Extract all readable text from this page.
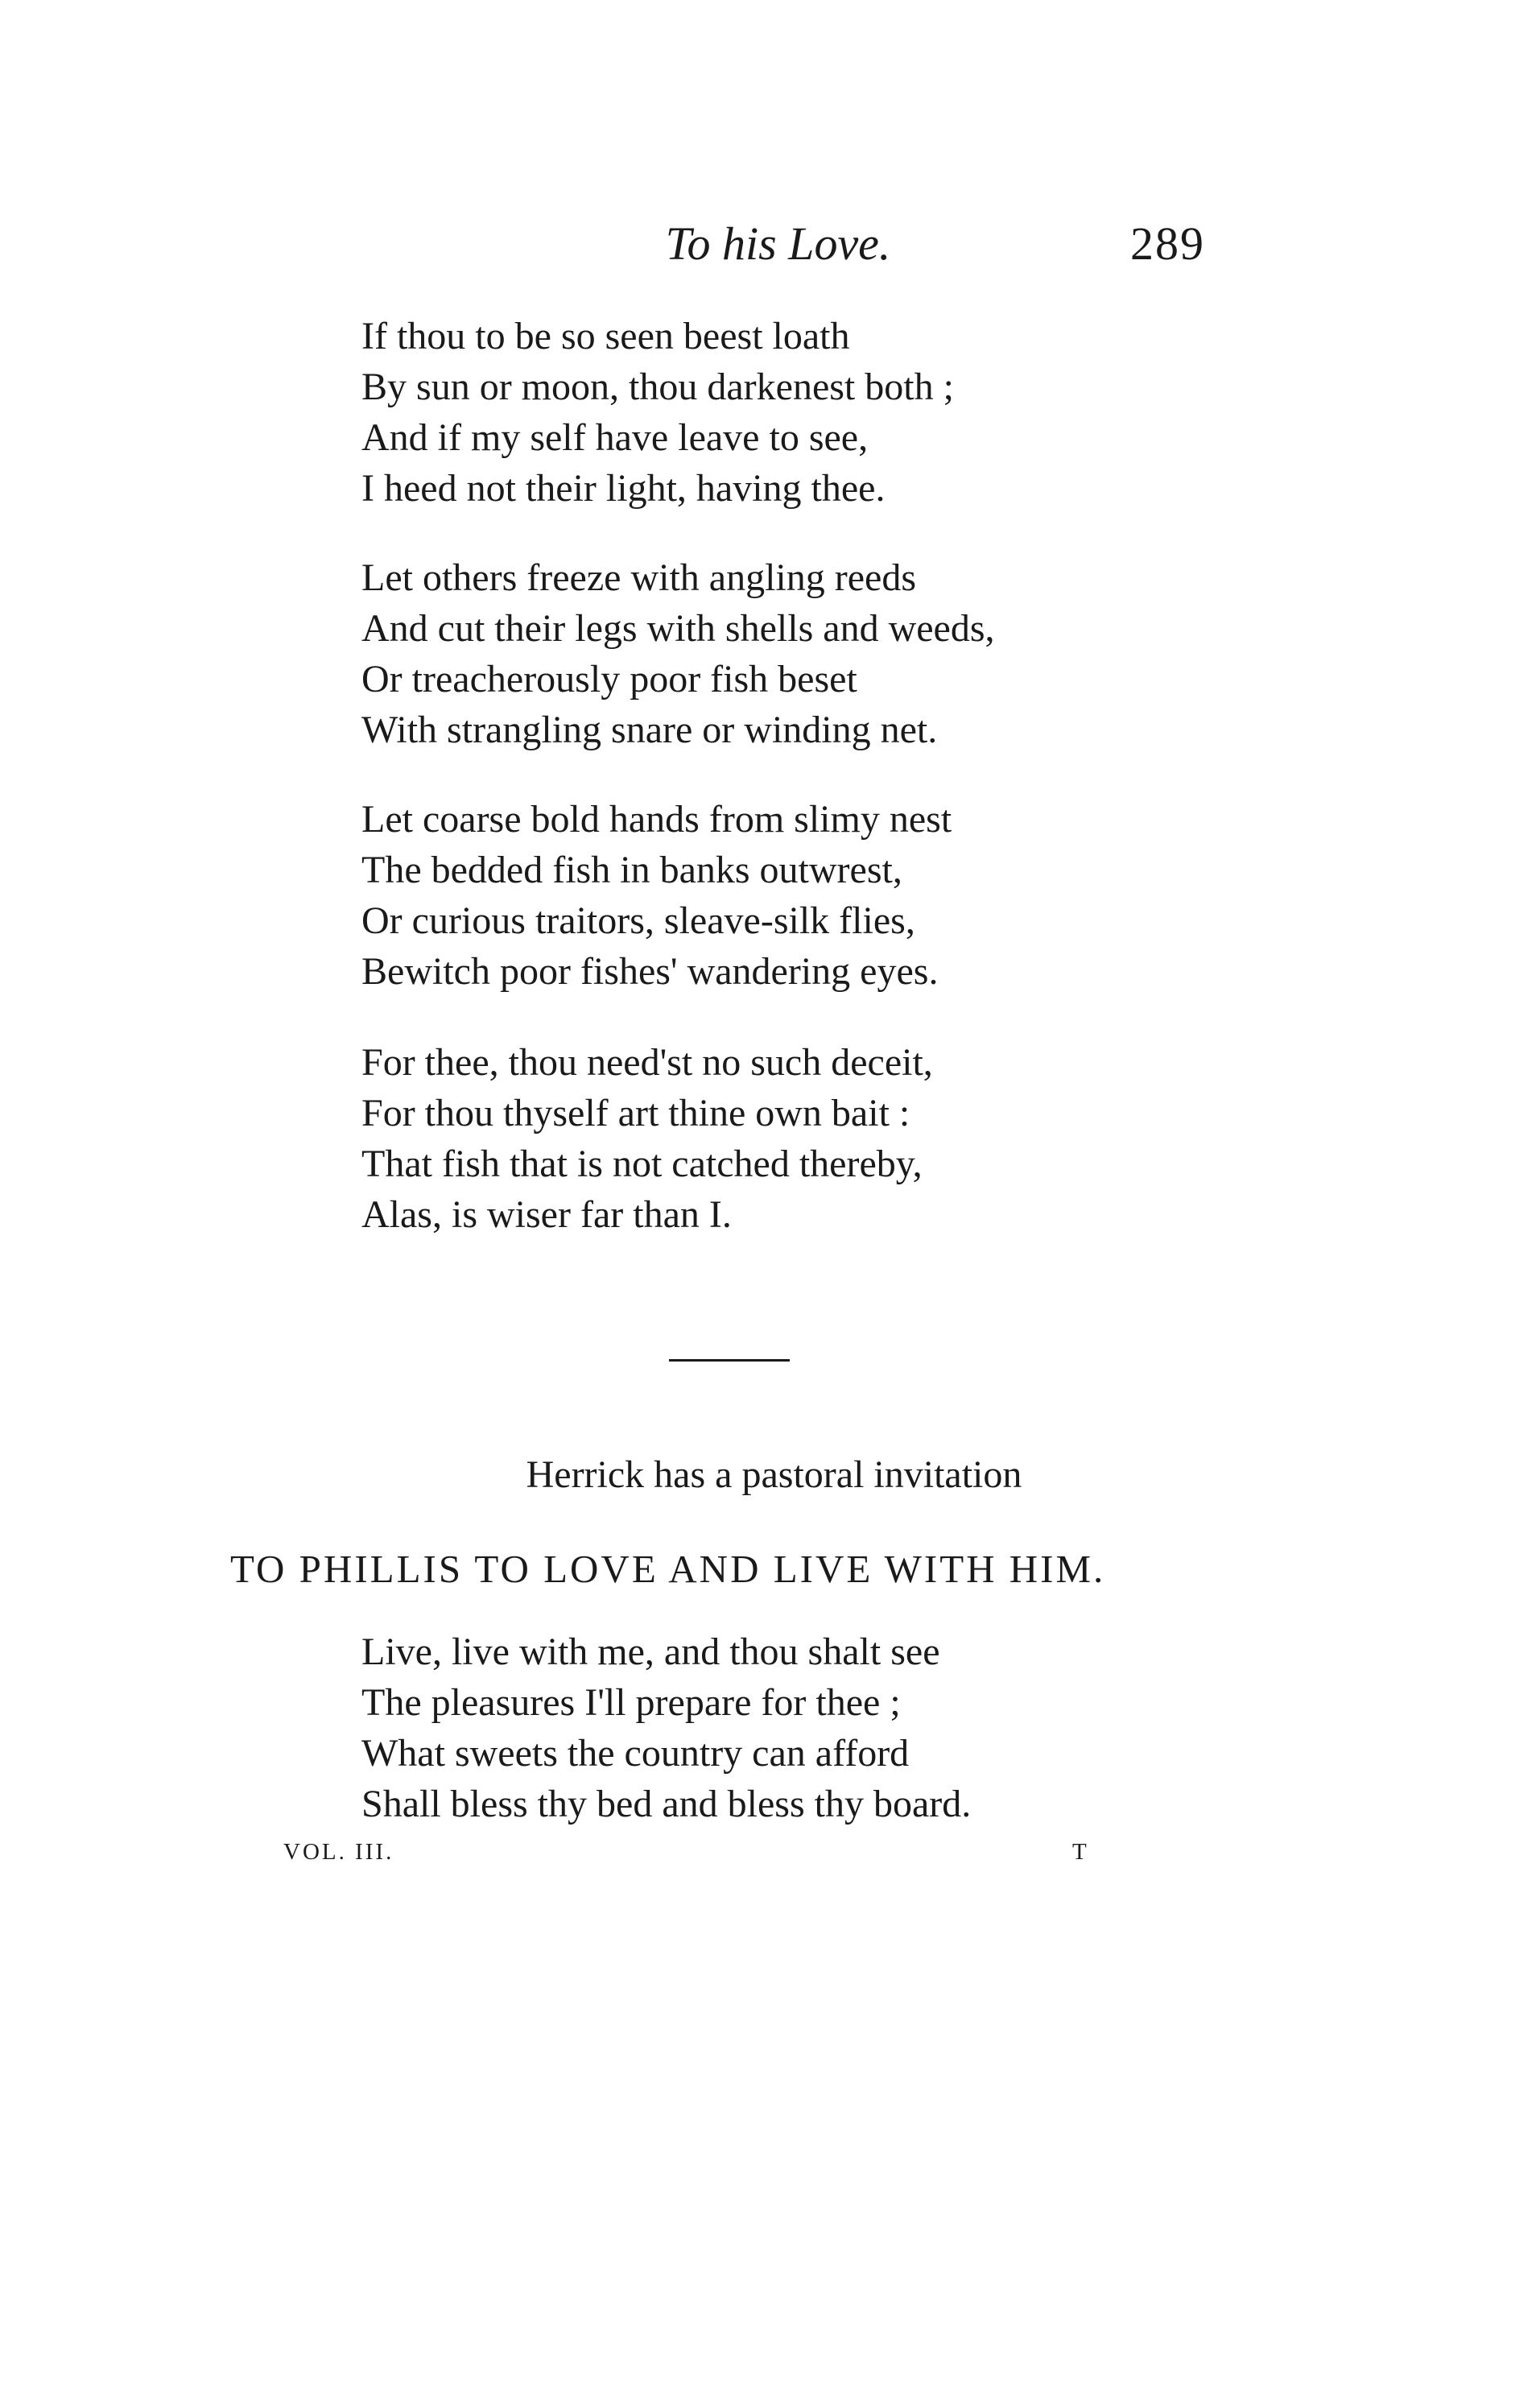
To his Love.	289
If thou to be so seen beest loath
By sun or moon, thou darkenest both ;
And if my self have leave to see,
I heed not their light, having thee.
Let others freeze with angling reeds
And cut their legs with shells and weeds,
Or treacherously poor fish beset
With strangling snare or winding net.
Let coarse bold hands from slimy nest
The bedded fish in banks outwrest,
Or curious traitors, sleave-silk flies,
Bewitch poor fishes' wandering eyes.
For thee, thou need'st no such deceit,
For thou thyself art thine own bait :
That fish that is not catched thereby,
Alas, is wiser far than I.
Herrick has a pastoral invitation
TO PHILLIS TO LOVE AND LIVE WITH HIM.
Live, live with me, and thou shalt see
The pleasures I'll prepare for thee ;
What sweets the country can afford
Shall bless thy bed and bless thy board.
VOL. III.	T
